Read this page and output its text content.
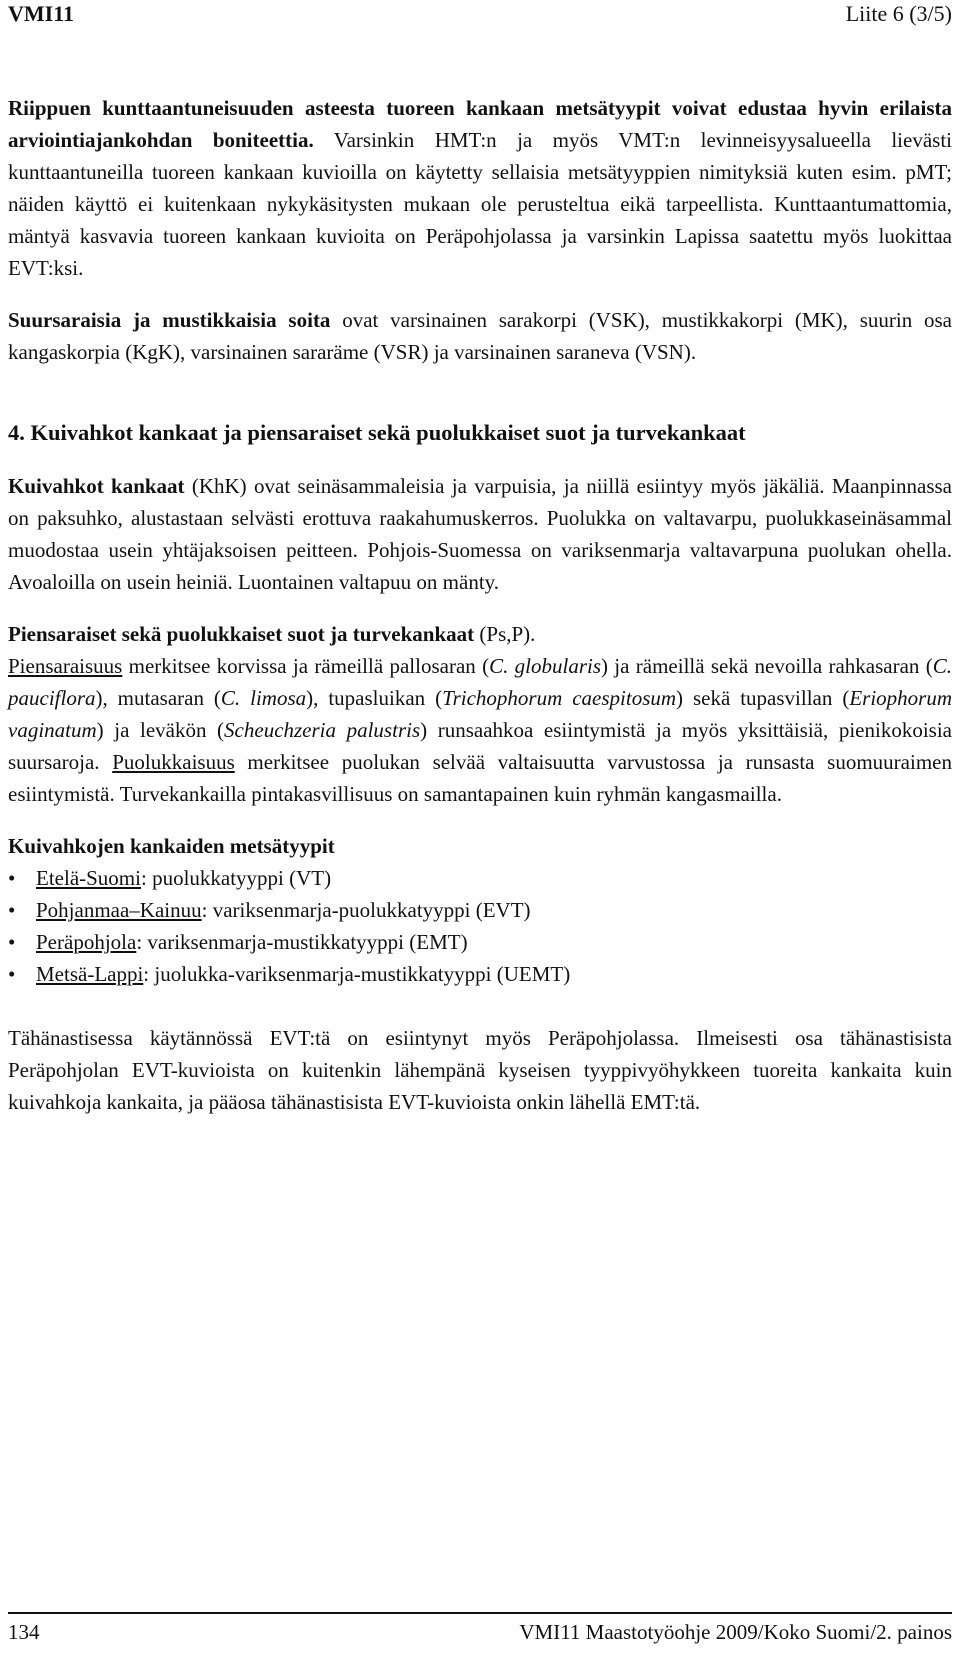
VMI11	Liite 6 (3/5)

Riippuen kunttaantuneisuuden asteesta tuoreen kankaan metsätyypit voivat edustaa hyvin erilaista arviointiajankohdan boniteettia. Varsinkin HMT:n ja myös VMT:n levinneisyysalueella lievästi kunttaantuneilla tuoreen kankaan kuvioilla on käytetty sellaisia metsätyyppien nimityksiä kuten esim. pMT; näiden käyttö ei kuitenkaan nykykäsitysten mukaan ole perusteltua eikä tarpeellista. Kunttaantumattomia, mäntyä kasvavia tuoreen kankaan kuvioita on Peräpohjolassa ja varsinkin Lapissa saatettu myös luokittaa EVT:ksi.

Suursaraisia ja mustikkaisia soita ovat varsinainen sarakorpi (VSK), mustikkakorpi (MK), suurin osa kangaskorpia (KgK), varsinainen sararäme (VSR) ja varsinainen saraneva (VSN).

4. Kuivahkot kankaat ja piensaraiset sekä puolukkaiset suot ja turvekankaat

Kuivahkot kankaat (KhK) ovat seinäsammaleisia ja varpuisia, ja niillä esiintyy myös jäkäliä. Maanpinnassa on paksuhko, alustastaan selvästi erottuva raakahumuskerros. Puolukka on valtavarpu, puolukkaseinäsammal muodostaa usein yhtäjaksoisen peitteen. Pohjois-Suomessa on variksenmarja valtavarpuna puolukan ohella. Avoaloilla on usein heiniä. Luontainen valtapuu on mänty.

Piensaraiset sekä puolukkaiset suot ja turvekankaat (Ps,P).

Piensaraisuus merkitsee korvissa ja rämeillä pallosaran (C. globularis) ja rämeillä sekä nevoilla rahkasaran (C. pauciflora), mutasaran (C. limosa), tupasluikan (Trichophorum caespitosum) sekä tupasvillan (Eriophorum vaginatum) ja leväkön (Scheuchzeria palustris) runsaahkoa esiintymistä ja myös yksittäisiä, pienikokoisia suursaroja. Puolukkaisuus merkitsee puolukan selvää valtaisuutta varvustossa ja runsasta suomuuraimen esiintymistä. Turvekankailla pintakasvillisuus on samantapainen kuin ryhmän kangasmailla.

Kuivahkojen kankaiden metsätyypit

• Etelä-Suomi: puolukkatyyppi (VT)
• Pohjanmaa–Kainuu: variksenmarja-puolukkatyyppi (EVT)
• Peräpohjola: variksenmarja-mustikkatyyppi (EMT)
• Metsä-Lappi: juolukka-variksenmarja-mustikkatyyppi (UEMT)

Tähänastisessa käytännössä EVT:tä on esiintynyt myös Peräpohjolassa. Ilmeisesti osa tähänastisista Peräpohjolan EVT-kuvioista on kuitenkin lähempänä kyseisen tyyppivyöhykkeen tuoreita kankaita kuin kuivahkoja kankaita, ja pääosa tähänastisista EVT-kuvioista onkin lähellä EMT:tä.

134	VMI11 Maastotyöohje 2009/Koko Suomi/2. painos
